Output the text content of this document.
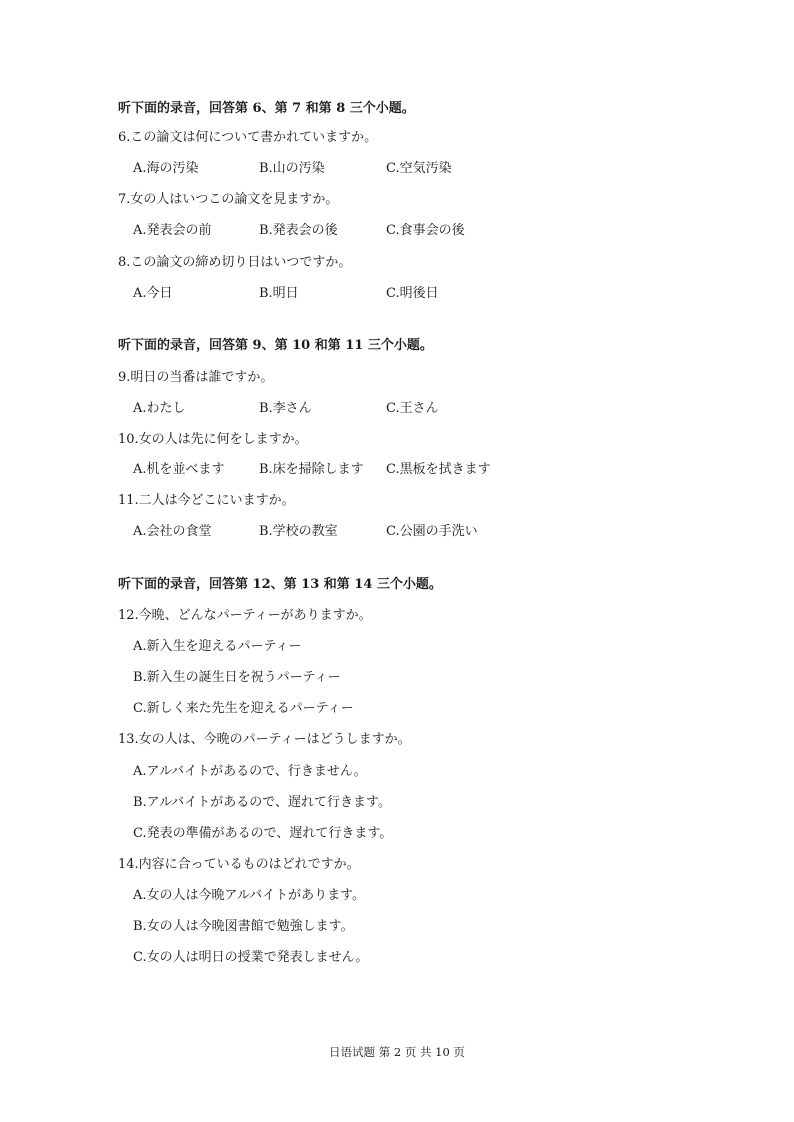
听下面的录音，回答第 6、第 7 和第 8 三个小题。
6.この論文は何について書かれていますか。
A.海の汚染	B.山の汚染	C.空気汚染
7.女の人はいつこの論文を見ますか。
A.発表会の前	B.発表会の後	C.食事会の後
8.この論文の締め切り日はいつですか。
A.今日	B.明日	C.明後日
听下面的录音，回答第 9、第 10 和第 11 三个小题。
9.明日の当番は誰ですか。
A.わたし	B.李さん	C.王さん
10.女の人は先に何をしますか。
A.机を並べます	B.床を掃除します C.黒板を拭きます
11.二人は今どこにいますか。
A.会社の食堂	B.学校の教室	C.公園の手洗い
听下面的录音，回答第 12、第 13 和第 14 三个小题。
12.今晩、どんなパーティーがありますか。
A.新入生を迎えるパーティー
B.新入生の誕生日を祝うパーティー
C.新しく来た先生を迎えるパーティー
13.女の人は、今晩のパーティーはどうしますか。
A.アルバイトがあるので、行きません。
B.アルバイトがあるので、遅れて行きます。
C.発表の準備があるので、遅れて行きます。
14.内容に合っているものはどれですか。
A.女の人は今晩アルバイトがあります。
B.女の人は今晩図書館で勉強します。
C.女の人は明日の授業で発表しません。
日语试题 第 2 页 共 10 页
